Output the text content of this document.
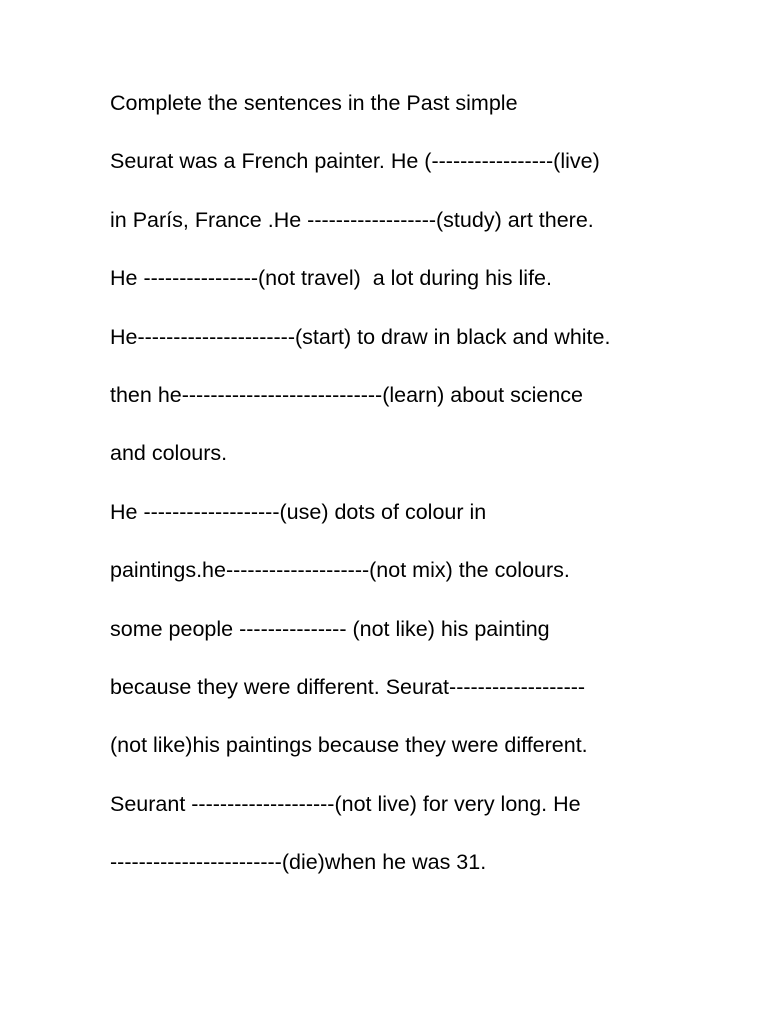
Complete the sentences in the Past simple
Seurat was a French painter. He (-----------------(live)
in París, France .He ------------------(study) art there.
He ----------------(not travel)  a lot during his life.
He----------------------(start) to draw in black and white.
then he----------------------------(learn) about science
and colours.
He -------------------(use) dots of colour in
paintings.he--------------------(not mix) the colours.
some people --------------- (not like) his painting
because they were different. Seurat-------------------
(not like)his paintings because they were different.
Seurant --------------------(not live) for very long. He
------------------------(die)when he was 31.
